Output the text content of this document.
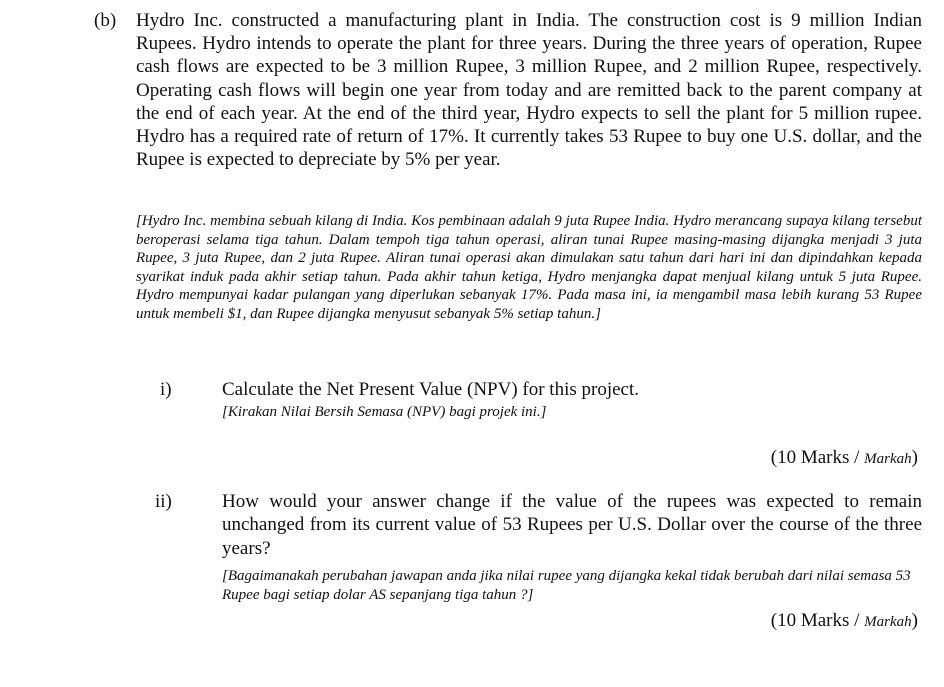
(b) Hydro Inc. constructed a manufacturing plant in India. The construction cost is 9 million Indian Rupees. Hydro intends to operate the plant for three years. During the three years of operation, Rupee cash flows are expected to be 3 million Rupee, 3 million Rupee, and 2 million Rupee, respectively. Operating cash flows will begin one year from today and are remitted back to the parent company at the end of each year. At the end of the third year, Hydro expects to sell the plant for 5 million rupee. Hydro has a required rate of return of 17%. It currently takes 53 Rupee to buy one U.S. dollar, and the Rupee is expected to depreciate by 5% per year.
[Hydro Inc. membina sebuah kilang di India. Kos pembinaan adalah 9 juta Rupee India. Hydro merancang supaya kilang tersebut beroperasi selama tiga tahun. Dalam tempoh tiga tahun operasi, aliran tunai Rupee masing-masing dijangka menjadi 3 juta Rupee, 3 juta Rupee, dan 2 juta Rupee. Aliran tunai operasi akan dimulakan satu tahun dari hari ini dan dipindahkan kepada syarikat induk pada akhir setiap tahun. Pada akhir tahun ketiga, Hydro menjangka dapat menjual kilang untuk 5 juta Rupee. Hydro mempunyai kadar pulangan yang diperlukan sebanyak 17%. Pada masa ini, ia mengambil masa lebih kurang 53 Rupee untuk membeli $1, dan Rupee dijangka menyusut sebanyak 5% setiap tahun.]
i)	Calculate the Net Present Value (NPV) for this project.
[Kirakan Nilai Bersih Semasa (NPV) bagi projek ini.]
(10 Marks / Markah)
ii)	How would your answer change if the value of the rupees was expected to remain unchanged from its current value of 53 Rupees per U.S. Dollar over the course of the three years?
[Bagaimanakah perubahan jawapan anda jika nilai rupee yang dijangka kekal tidak berubah dari nilai semasa 53 Rupee bagi setiap dolar AS sepanjang tiga tahun ?]
(10 Marks / Markah)
